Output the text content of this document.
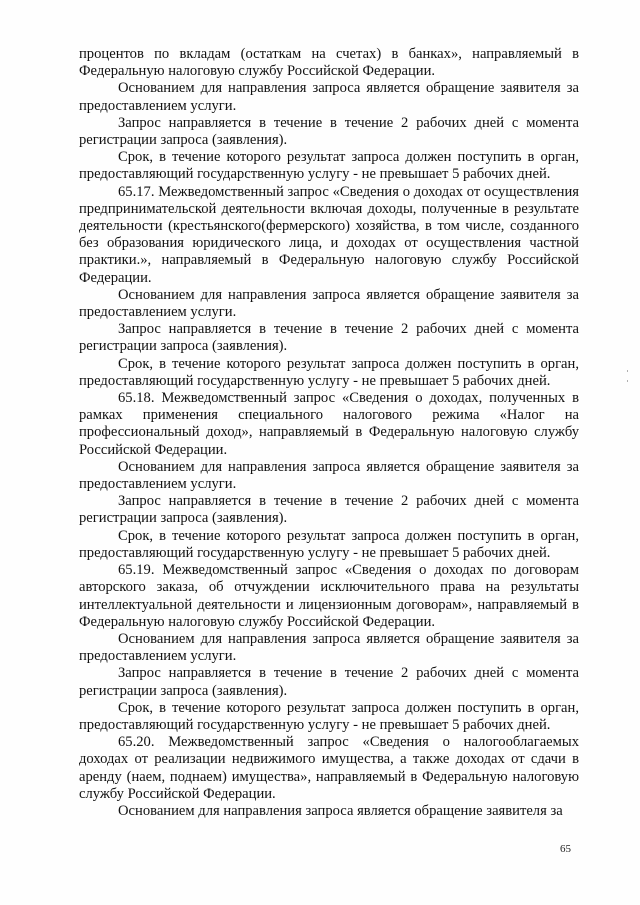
процентов по вкладам (остаткам на счетах) в банках», направляемый в Федеральную налоговую службу Российской Федерации.

Основанием для направления запроса является обращение заявителя за предоставлением услуги.

Запрос направляется в течение в течение 2 рабочих дней с момента регистрации запроса (заявления).

Срок, в течение которого результат запроса должен поступить в орган, предоставляющий государственную услугу - не превышает 5 рабочих дней.

65.17. Межведомственный запрос «Сведения о доходах от осуществления предпринимательской деятельности включая доходы, полученные в результате деятельности (крестьянского(фермерского) хозяйства, в том числе, созданного без образования юридического лица, и доходах от осуществления частной практики.», направляемый в Федеральную налоговую службу Российской Федерации.

Основанием для направления запроса является обращение заявителя за предоставлением услуги.

Запрос направляется в течение в течение 2 рабочих дней с момента регистрации запроса (заявления).

Срок, в течение которого результат запроса должен поступить в орган, предоставляющий государственную услугу - не превышает 5 рабочих дней.

65.18. Межведомственный запрос «Сведения о доходах, полученных в рамках применения специального налогового режима «Налог на профессиональный доход», направляемый в Федеральную налоговую службу Российской Федерации.

Основанием для направления запроса является обращение заявителя за предоставлением услуги.

Запрос направляется в течение в течение 2 рабочих дней с момента регистрации запроса (заявления).

Срок, в течение которого результат запроса должен поступить в орган, предоставляющий государственную услугу - не превышает 5 рабочих дней.

65.19. Межведомственный запрос «Сведения о доходах по договорам авторского заказа, об отчуждении исключительного права на результаты интеллектуальной деятельности и лицензионным договорам», направляемый в Федеральную налоговую службу Российской Федерации.

Основанием для направления запроса является обращение заявителя за предоставлением услуги.

Запрос направляется в течение в течение 2 рабочих дней с момента регистрации запроса (заявления).

Срок, в течение которого результат запроса должен поступить в орган, предоставляющий государственную услугу - не превышает 5 рабочих дней.

65.20. Межведомственный запрос «Сведения о налогооблагаемых доходах от реализации недвижимого имущества, а также доходах от сдачи в аренду (наем, поднаем) имущества», направляемый в Федеральную налоговую службу Российской Федерации.

Основанием для направления запроса является обращение заявителя за

65
